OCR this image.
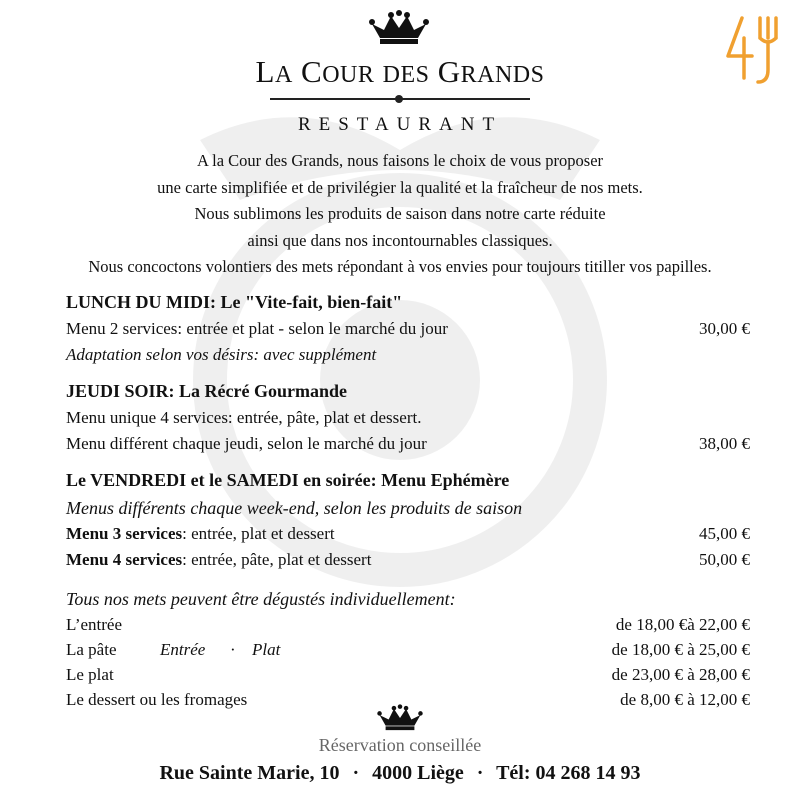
LA COUR DES GRANDS
RESTAURANT
A la Cour des Grands, nous faisons le choix de vous proposer
une carte simplifiée et de privilégier la qualité et la fraîcheur de nos mets.
Nous sublimons les produits de saison dans notre carte réduite
ainsi que dans nos incontournables classiques.
Nous concoctons volontiers des mets répondant à vos envies pour toujours titiller vos papilles.
LUNCH DU MIDI: Le "Vite-fait, bien-fait"
Menu 2 services: entrée et plat - selon le marché du jour	30,00 €
Adaptation selon vos désirs: avec supplément
JEUDI SOIR: La Récré Gourmande
Menu unique 4 services: entrée, pâte, plat et dessert.
Menu différent chaque jeudi, selon le marché du jour	38,00 €
Le VENDREDI et le SAMEDI en soirée: Menu Ephémère
Menus différents chaque week-end, selon les produits de saison
Menu 3 services: entrée, plat et dessert	45,00 €
Menu 4 services: entrée, pâte, plat et dessert	50,00 €
Tous nos mets peuvent être dégustés individuellement:
L’entrée	de 18,00 €à 22,00 €
La pâte	Entrée · Plat	de 18,00 € à 25,00 €
Le plat	de 23,00 € à 28,00 €
Le dessert ou les fromages	de 8,00 € à 12,00 €
Réservation conseillée
Rue Sainte Marie, 10 · 4000 Liège · Tél: 04 268 14 93
